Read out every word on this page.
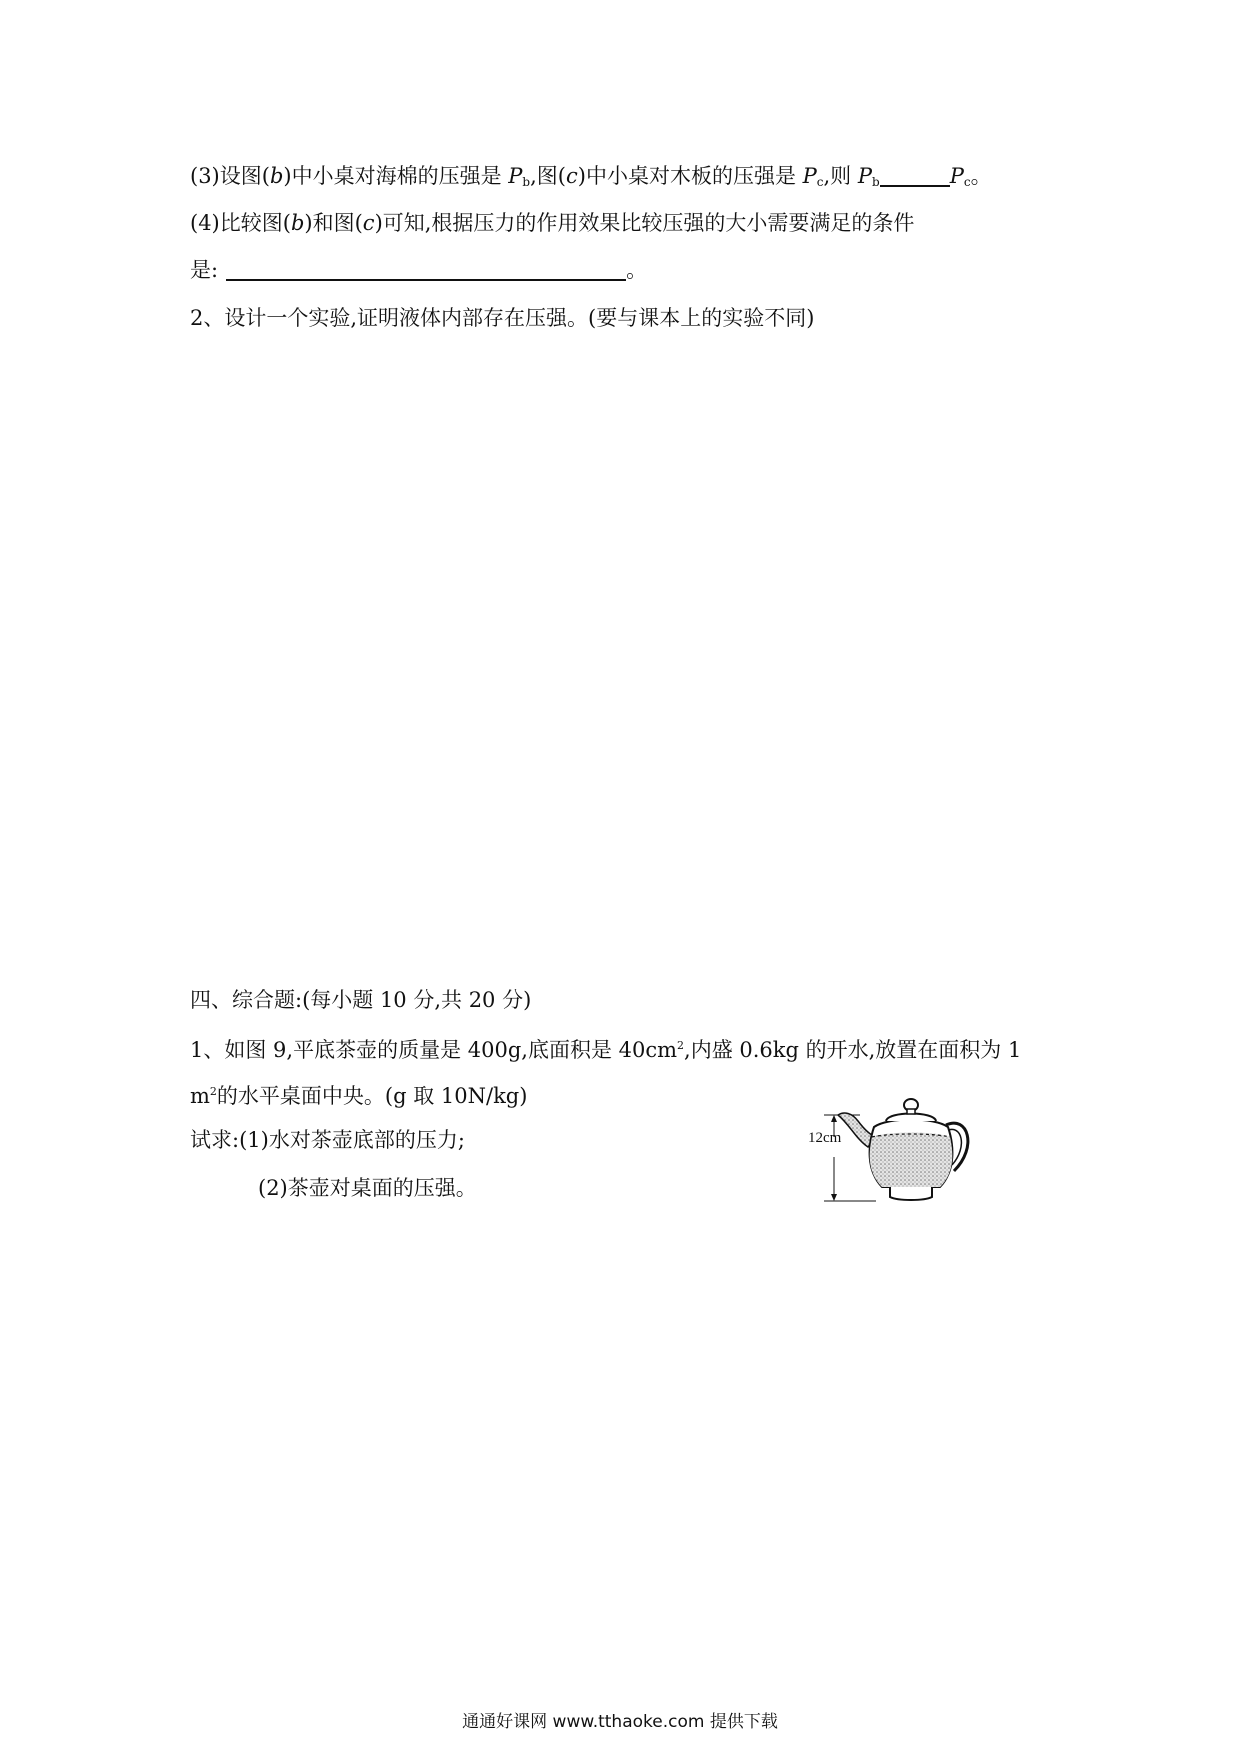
(3)设图(b)中小桌对海棉的压强是 $P_b$,图(c)中小桌对木板的压强是 $P_c$,则 $P_b$	$P_c$。
(4)比较图(b)和图(c)可知,根据压力的作用效果比较压强的大小需要满足的条件
是:	。
2、设计一个实验,证明液体内部存在压强。(要与课本上的实验不同)
四、综合题:(每小题 10 分,共 20 分)
1、如图 9,平底茶壶的质量是 400g,底面积是 $40cm^2$,内盛 0.6kg 的开水,放置在面积为 1
$m^2$的水平桌面中央。(g 取 10N/kg)
试求:(1)水对茶壶底部的压力;
(2)茶壶对桌面的压强。
12cm
通通好课网 www.tthaoke.com 提供下载
